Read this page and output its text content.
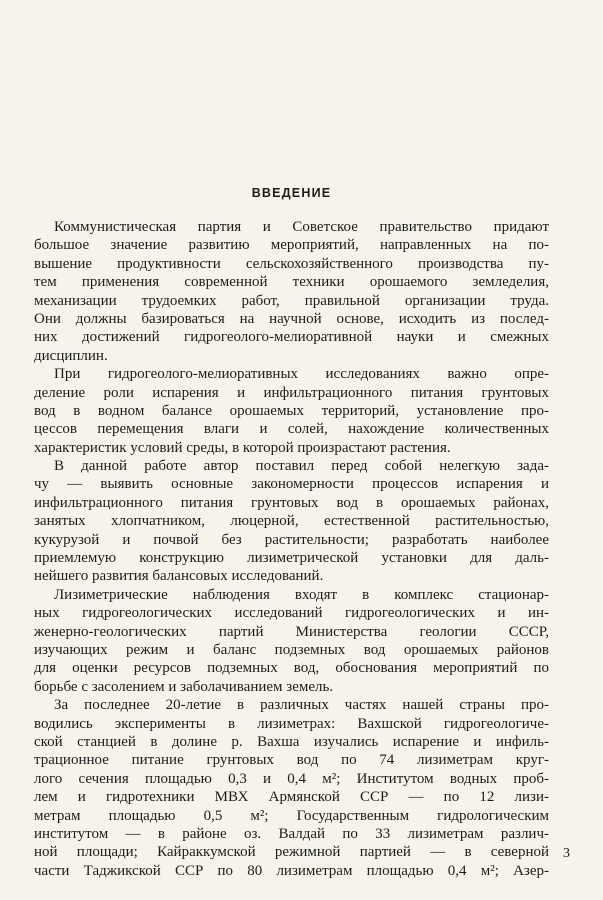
ВВЕДЕНИЕ
Коммунистическая партия и Советское правительство придают
большое значение развитию мероприятий, направленных на по-
вышение продуктивности сельскохозяйственного производства пу-
тем применения современной техники орошаемого земледелия,
механизации трудоемких работ, правильной организации труда.
Они должны базироваться на научной основе, исходить из послед-
них достижений гидрогеолого-мелиоративной науки и смежных
дисциплин.
При гидрогеолого-мелиоративных исследованиях важно опре-
деление роли испарения и инфильтрационного питания грунтовых
вод в водном балансе орошаемых территорий, установление про-
цессов перемещения влаги и солей, нахождение количественных
характеристик условий среды, в которой произрастают растения.
В данной работе автор поставил перед собой нелегкую зада-
чу — выявить основные закономерности процессов испарения и
инфильтрационного питания грунтовых вод в орошаемых районах,
занятых хлопчатником, люцерной, естественной растительностью,
кукурузой и почвой без растительности; разработать наиболее
приемлемую конструкцию лизиметрической установки для даль-
нейшего развития балансовых исследований.
Лизиметрические наблюдения входят в комплекс стационар-
ных гидрогеологических исследований гидрогеологических и ин-
женерно-геологических партий Министерства геологии СССР,
изучающих режим и баланс подземных вод орошаемых районов
для оценки ресурсов подземных вод, обоснования мероприятий по
борьбе с засолением и заболачиванием земель.
За последнее 20-летие в различных частях нашей страны про-
водились эксперименты в лизиметрах: Вахшской гидрогеологиче-
ской станцией в долине р. Вахша изучались испарение и инфиль-
трационное питание грунтовых вод по 74 лизиметрам круг-
лого сечения площадью 0,3 и 0,4 м²; Институтом водных проб-
лем и гидротехники МВХ Армянской ССР — по 12 лизи-
метрам площадью 0,5 м²; Государственным гидрологическим
институтом — в районе оз. Валдай по 33 лизиметрам различ-
ной площади; Кайраккумской режимной партией — в северной
части Таджикской ССР по 80 лизиметрам площадью 0,4 м²; Азер-
3
